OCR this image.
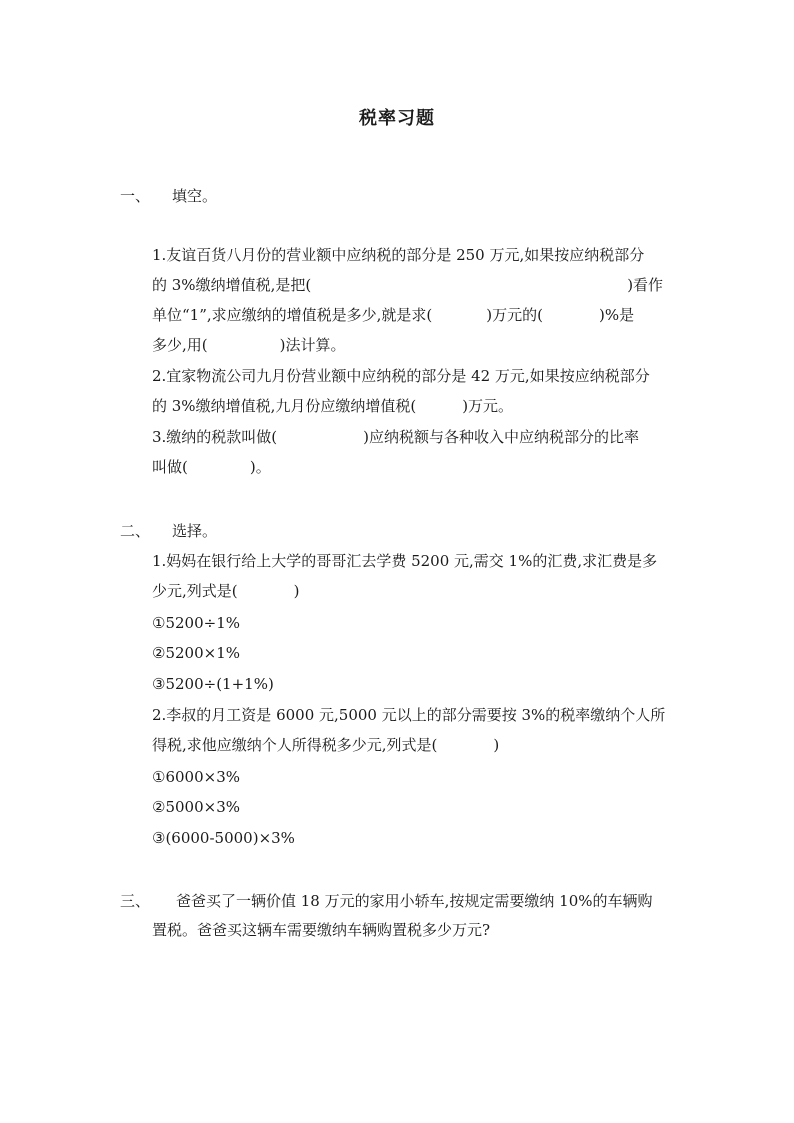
税率习题
一、 填空。
1.友谊百货八月份的营业额中应纳税的部分是 250 万元,如果按应纳税部分
的 3%缴纳增值税,是把(	)看作
单位“1”,求应缴纳的增值税是多少,就是求(	)万元的(	)%是
多少,用(	)法计算。
2.宜家物流公司九月份营业额中应纳税的部分是 42 万元,如果按应纳税部分
的 3%缴纳增值税,九月份应缴纳增值税(	)万元。
3.缴纳的税款叫做(	)应纳税额与各种收入中应纳税部分的比率
叫做(	)。
二、 选择。
1.妈妈在银行给上大学的哥哥汇去学费 5200 元,需交 1%的汇费,求汇费是多
少元,列式是(	)
①5200÷1%
②5200×1%
③5200÷(1+1%)
2.李叔的月工资是 6000 元,5000 元以上的部分需要按 3%的税率缴纳个人所
得税,求他应缴纳个人所得税多少元,列式是(	)
①6000×3%
②5000×3%
③(6000-5000)×3%
三、 爸爸买了一辆价值 18 万元的家用小轿车,按规定需要缴纳 10%的车辆购
置税。爸爸买这辆车需要缴纳车辆购置税多少万元?
